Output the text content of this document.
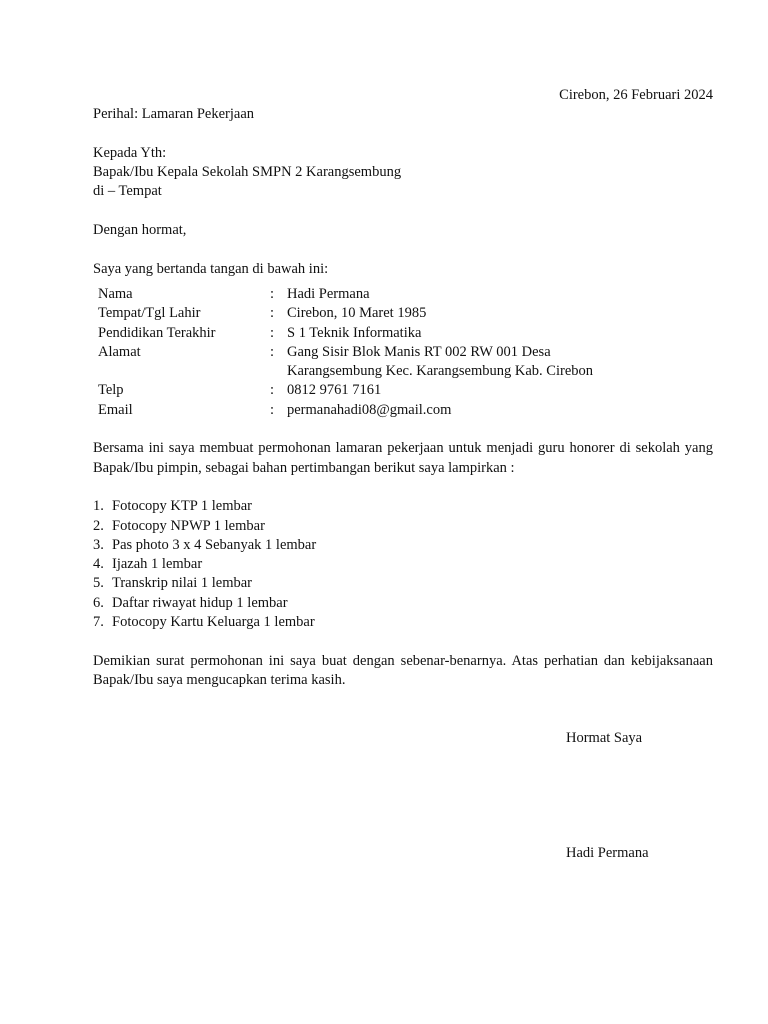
Cirebon, 26 Februari 2024
Perihal: Lamaran Pekerjaan
Kepada Yth:
Bapak/Ibu Kepala Sekolah SMPN 2 Karangsembung
di – Tempat
Dengan hormat,
Saya yang bertanda tangan di bawah ini:
Nama	:	Hadi Permana
Tempat/Tgl Lahir	:	Cirebon, 10 Maret 1985
Pendidikan Terakhir	:	S 1 Teknik Informatika
Alamat	:	Gang Sisir Blok Manis RT 002 RW 001 Desa
Karangsembung Kec. Karangsembung Kab. Cirebon

Telp	:	0812 9761 7161
Email	:	permanahadi08@gmail.com
Bersama ini saya membuat permohonan lamaran pekerjaan untuk menjadi guru honorer di sekolah yang Bapak/Ibu pimpin, sebagai bahan pertimbangan berikut saya lampirkan :
1. Fotocopy KTP 1 lembar
2. Fotocopy NPWP 1 lembar
3. Pas photo 3 x 4 Sebanyak 1 lembar
4. Ijazah 1 lembar
5. Transkrip nilai 1 lembar
6. Daftar riwayat hidup 1 lembar
7. Fotocopy Kartu Keluarga 1 lembar
Demikian surat permohonan ini saya buat dengan sebenar-benarnya. Atas perhatian dan kebijaksanaan Bapak/Ibu saya mengucapkan terima kasih.
Hormat Saya
Hadi Permana
